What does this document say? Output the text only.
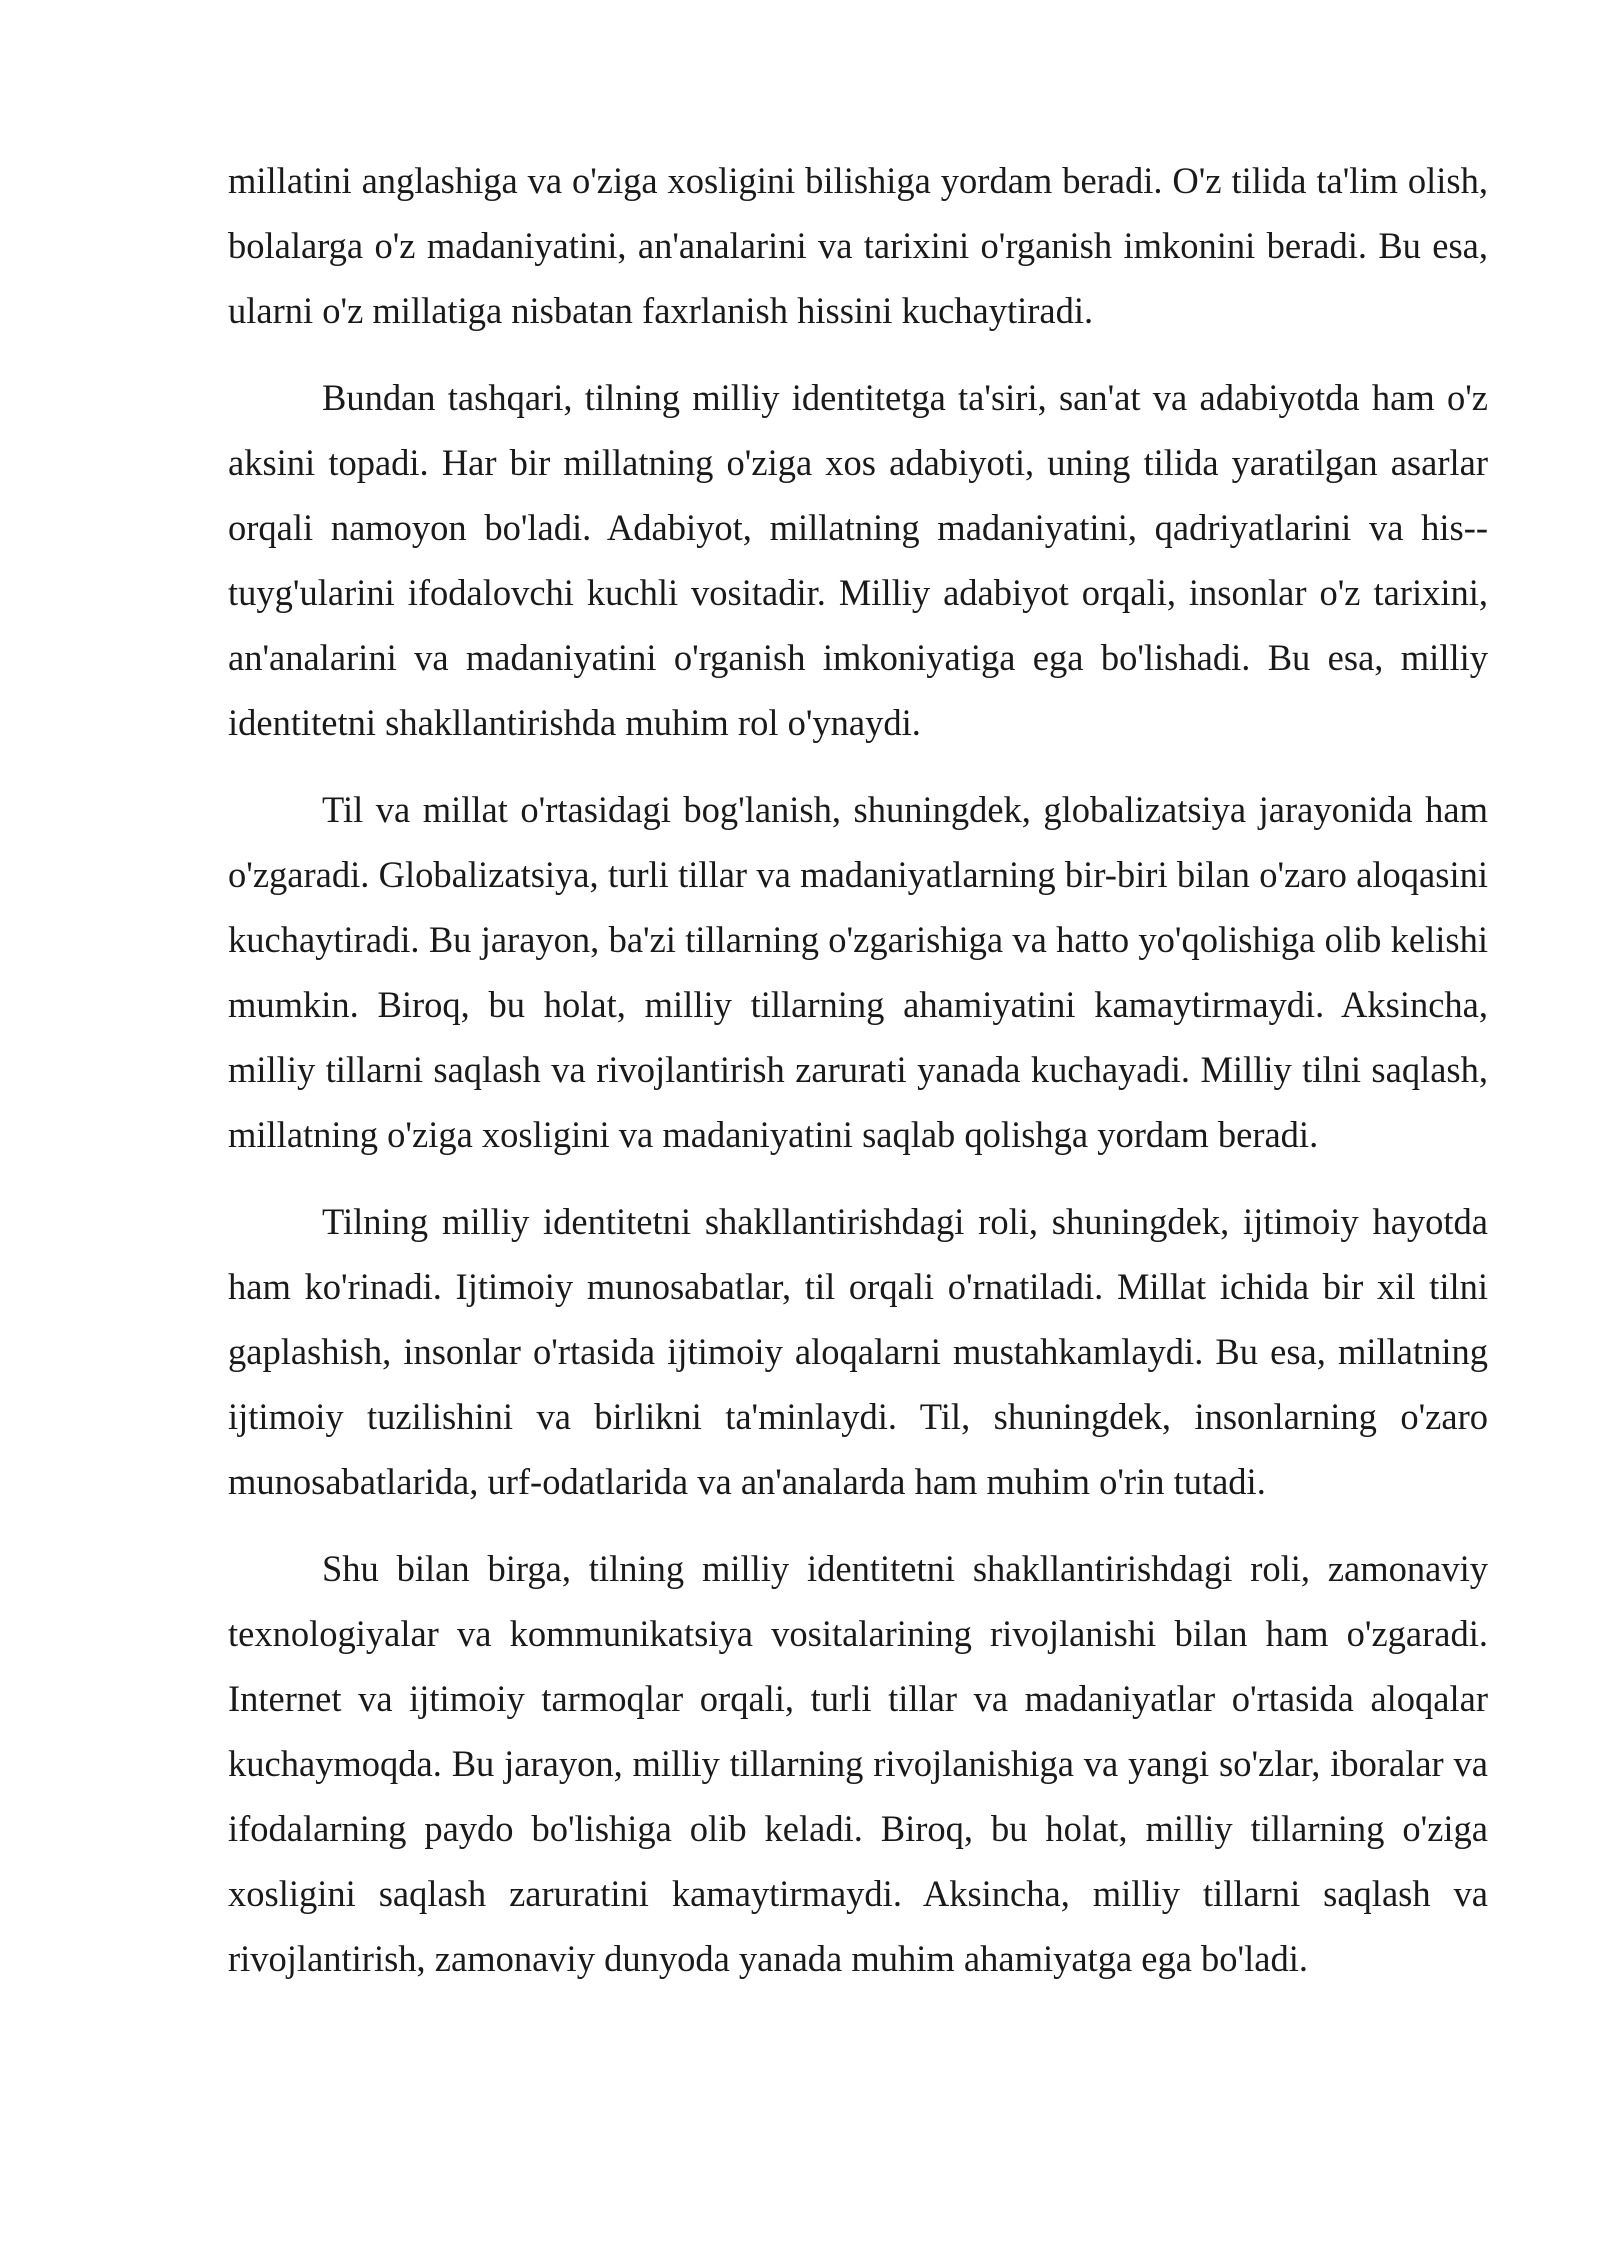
millatini anglashiga va o'ziga xosligini bilishiga yordam beradi. O'z tilida ta'lim olish, bolalarga o'z madaniyatini, an'analarini va tarixini o'rganish imkonini beradi. Bu esa, ularni o'z millatiga nisbatan faxrlanish hissini kuchaytiradi.

Bundan tashqari, tilning milliy identitetga ta'siri, san'at va adabiyotda ham o'z aksini topadi. Har bir millatning o'ziga xos adabiyoti, uning tilida yaratilgan asarlar orqali namoyon bo'ladi. Adabiyot, millatning madaniyatini, qadriyatlarini va his-tuyg'ularini ifodalovchi kuchli vositadir. Milliy adabiyot orqali, insonlar o'z tarixini, an'analarini va madaniyatini o'rganish imkoniyatiga ega bo'lishadi. Bu esa, milliy identitetni shakllantirishda muhim rol o'ynaydi.

Til va millat o'rtasidagi bog'lanish, shuningdek, globalizatsiya jarayonida ham o'zgaradi. Globalizatsiya, turli tillar va madaniyatlarning bir-biri bilan o'zaro aloqasini kuchaytiradi. Bu jarayon, ba'zi tillarning o'zgarishiga va hatto yo'qolishiga olib kelishi mumkin. Biroq, bu holat, milliy tillarning ahamiyatini kamaytirmaydi. Aksincha, milliy tillarni saqlash va rivojlantirish zarurati yanada kuchayadi. Milliy tilni saqlash, millatning o'ziga xosligini va madaniyatini saqlab qolishga yordam beradi.

Tilning milliy identitetni shakllantirishdagi roli, shuningdek, ijtimoiy hayotda ham ko'rinadi. Ijtimoiy munosabatlar, til orqali o'rnatiladi. Millat ichida bir xil tilni gaplashish, insonlar o'rtasida ijtimoiy aloqalarni mustahkamlaydi. Bu esa, millatning ijtimoiy tuzilishini va birlikni ta'minlaydi. Til, shuningdek, insonlarning o'zaro munosabatlarida, urf-odatlarida va an'analarda ham muhim o'rin tutadi.

Shu bilan birga, tilning milliy identitetni shakllantirishdagi roli, zamonaviy texnologiyalar va kommunikatsiya vositalarining rivojlanishi bilan ham o'zgaradi. Internet va ijtimoiy tarmoqlar orqali, turli tillar va madaniyatlar o'rtasida aloqalar kuchaymoqda. Bu jarayon, milliy tillarning rivojlanishiga va yangi so'zlar, iboralar va ifodalarning paydo bo'lishiga olib keladi. Biroq, bu holat, milliy tillarning o'ziga xosligini saqlash zaruratini kamaytirmaydi. Aksincha, milliy tillarni saqlash va rivojlantirish, zamonaviy dunyoda yanada muhim ahamiyatga ega bo'ladi.
